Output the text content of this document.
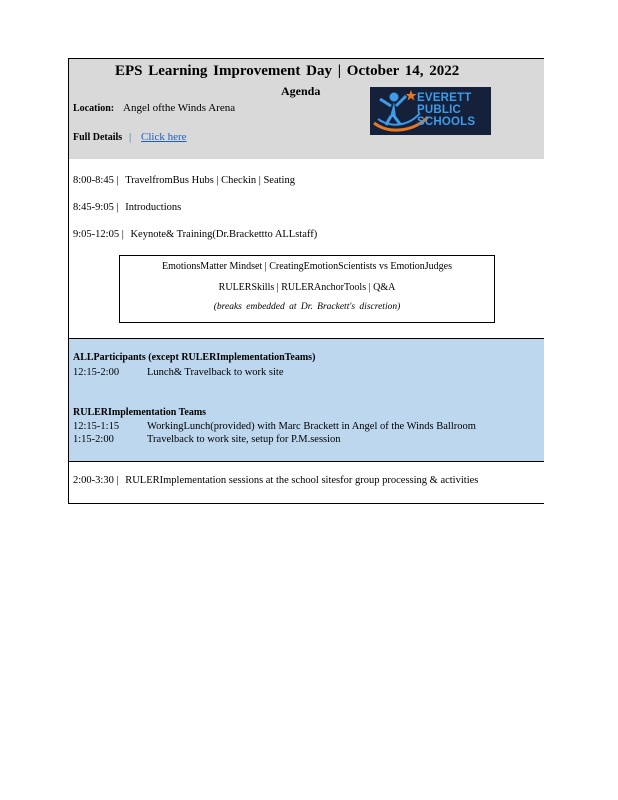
EPS Learning Improvement Day | October 14, 2022
Agenda
Location: Angel ofthe Winds Arena
Full Details | Click here
EVERETT
PUBLIC
SCHOOLS
8:00-8:45 | TravelfromBus Hubs | Checkin | Seating
8:45-9:05 | Introductions
9:05-12:05 | Keynote& Training(Dr.Brackettto ALLstaff)
EmotionsMatter Mindset | CreatingEmotionScientists vs EmotionJudges
RULERSkills | RULERAnchorTools | Q&A
(breaks embedded at Dr. Brackett's discretion)
ALLParticipants (except RULERImplementationTeams)
12:15-2:00	Lunch& Travelback to work site
RULERImplementation Teams
12:15-1:15	WorkingLunch(provided) with Marc Brackett in Angel of the Winds Ballroom
1:15-2:00	Travelback to work site, setup for P.M.session
2:00-3:30 | RULERImplementation sessions at the school sitesfor group processing & activities
